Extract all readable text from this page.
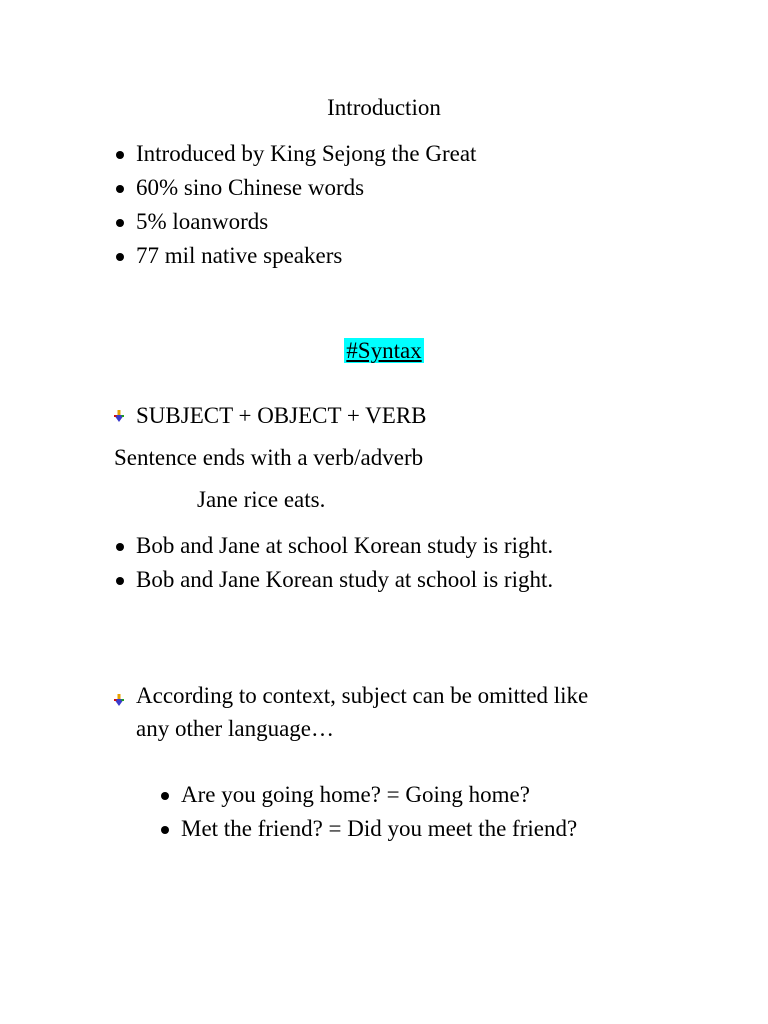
Introduction
Introduced by King Sejong the Great
60% sino Chinese words
5% loanwords
77 mil native speakers
#Syntax
SUBJECT + OBJECT + VERB
Sentence ends with a verb/adverb
Jane rice eats.
Bob and Jane at school Korean study is right.
Bob and Jane Korean study at school is right.
According to context, subject can be omitted like
any other language…
Are you going home? = Going home?
Met the friend? = Did you meet the friend?
